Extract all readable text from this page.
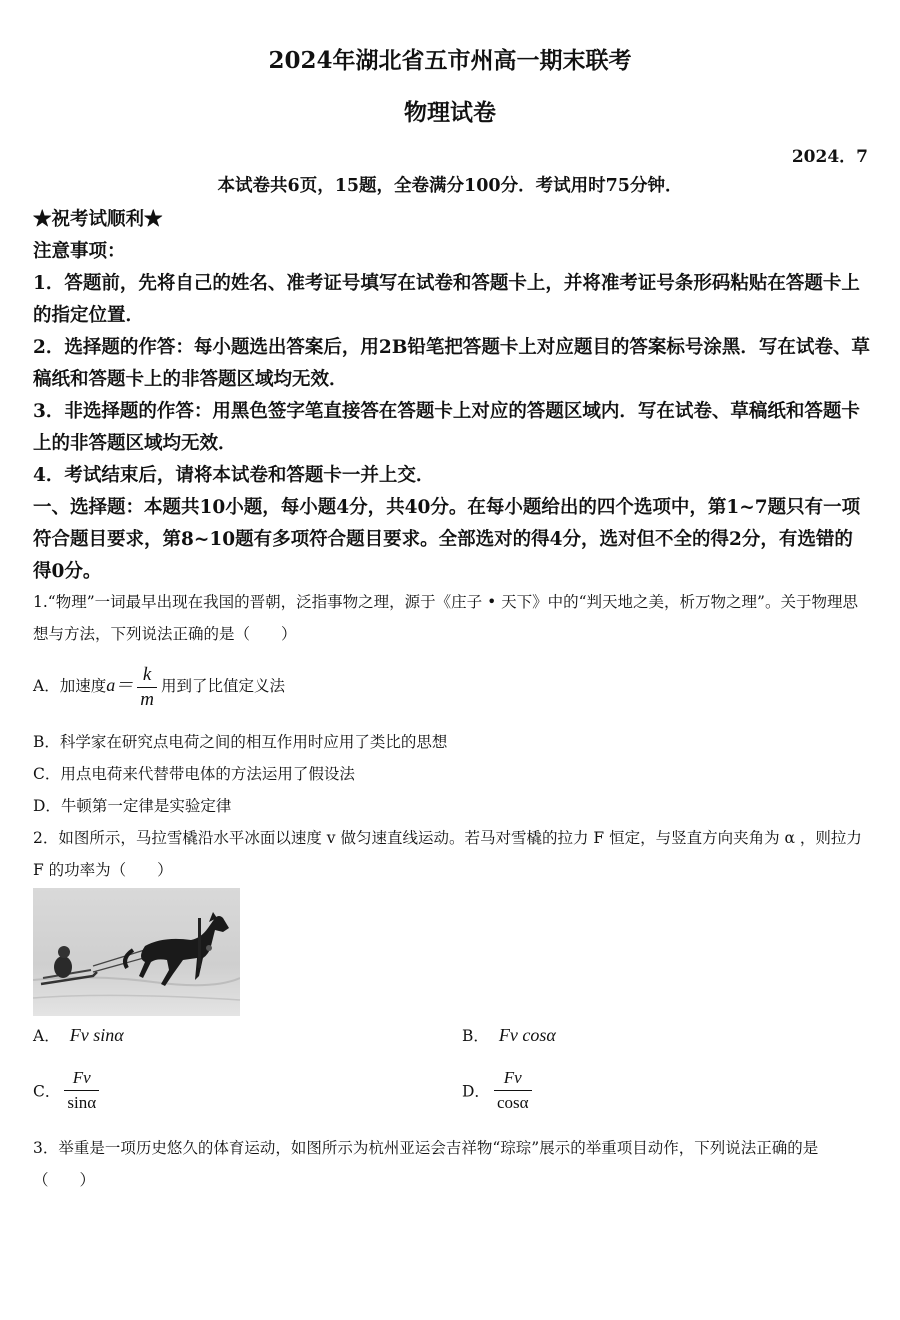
2024年湖北省五市州高一期末联考
物理试卷
2024．7
本试卷共6页，15题，全卷满分100分．考试用时75分钟．
★祝考试顺利★
注意事项：
1．答题前，先将自己的姓名、准考证号填写在试卷和答题卡上，并将准考证号条形码粘贴在答题卡上的指定位置．
2．选择题的作答：每小题选出答案后，用2B铅笔把答题卡上对应题目的答案标号涂黑．写在试卷、草稿纸和答题卡上的非答题区域均无效．
3．非选择题的作答：用黑色签字笔直接答在答题卡上对应的答题区域内．写在试卷、草稿纸和答题卡上的非答题区域均无效．
4．考试结束后，请将本试卷和答题卡一并上交．
一、选择题：本题共10小题，每小题4分，共40分。在每小题给出的四个选项中，第1~7题只有一项符合题目要求，第8~10题有多项符合题目要求。全部选对的得4分，选对但不全的得2分，有选错的得0分。
1.“物理”一词最早出现在我国的晋朝，泛指事物之理，源于《庄子 • 天下》中的“判天地之美，析万物之理”。关于物理思想与方法，下列说法正确的是（　　）
A．加速度$a= \frac{k}{m}$ 用到了比值定义法
B．科学家在研究点电荷之间的相互作用时应用了类比的思想
C．用点电荷来代替带电体的方法运用了假设法
D．牛顿第一定律是实验定律
2．如图所示，马拉雪橇沿水平冰面以速度 v 做匀速直线运动。若马对雪橇的拉力 F 恒定，与竖直方向夹角为 α ，则拉力 F 的功率为（　　）
A． Fv sinα	B． Fv cosα
C． $\frac{Fv}{\sin\alpha}$	D． $\frac{Fv}{\cos\alpha}$
3．举重是一项历史悠久的体育运动，如图所示为杭州亚运会吉祥物“琮琮”展示的举重项目动作，下列说法正确的是（　　）
